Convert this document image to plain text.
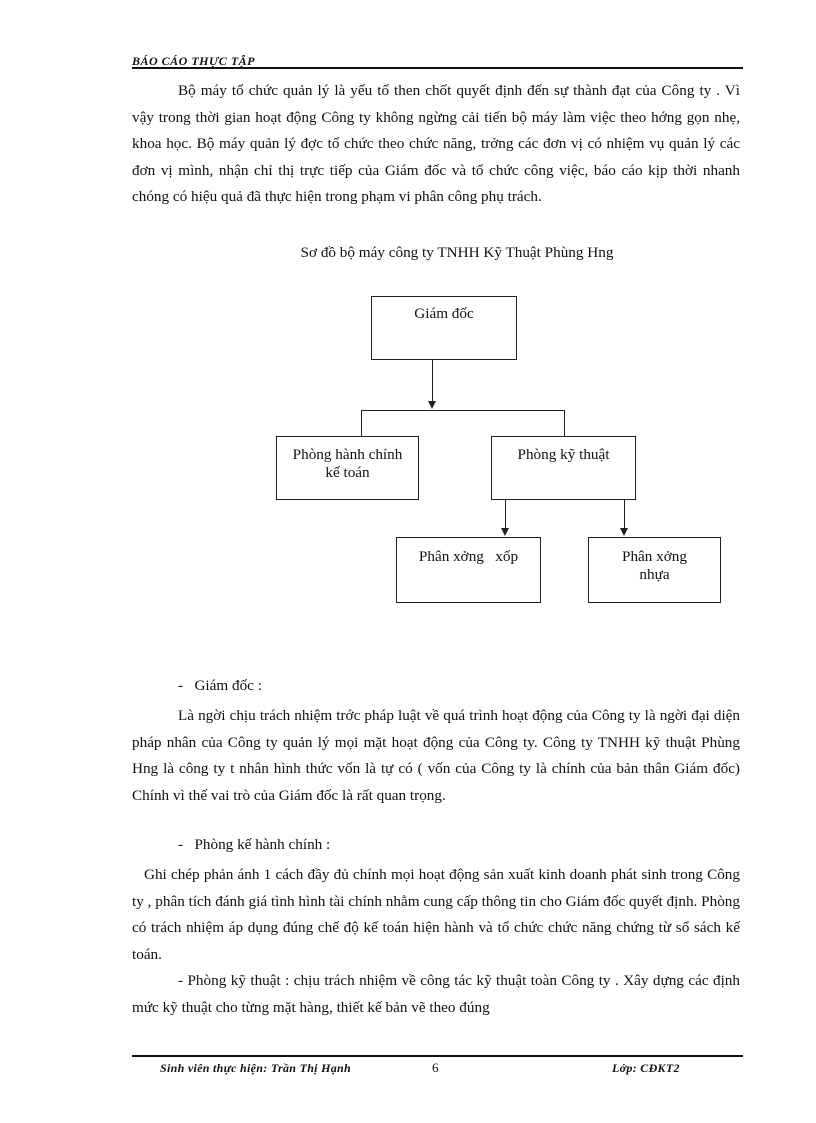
BÁO CÁO THỰC TẬP

Bộ máy tổ chức quản lý là yếu tố then chốt quyết định đến sự thành đạt của Công ty . Vì vậy trong thời gian hoạt động Công ty không ngừng cải tiến bộ máy làm việc theo hớng gọn nhẹ, khoa học. Bộ máy quản lý đợc tổ chức theo chức năng, trởng các đơn vị có nhiệm vụ quản lý các đơn vị mình, nhận chỉ thị trực tiếp của Giám đốc và tổ chức công việc, báo cáo kịp thời nhanh chóng có hiệu quả đã thực hiện trong phạm vi phân công phụ trách.

Sơ đồ bộ máy công ty TNHH Kỹ Thuật Phùng Hng
Giám đốc
Phòng hành chính kế toán
Phòng kỹ thuật
Phân xởng   xốp	Phân xởng nhựa
-   Giám đốc :

Là ngời chịu trách nhiệm trớc pháp luật về quá trình hoạt động của Công ty là ngời đại diện pháp nhân của Công ty quản lý mọi mặt hoạt động của Công ty. Công ty TNHH kỹ thuật Phùng Hng là công ty t nhân hình thức vốn là tự có ( vốn của Công ty là chính của bản thân Giám đốc) Chính vì thế vai trò của Giám đốc là rất quan trọng.

-   Phòng kế hành chính :

Ghi chép phản ánh 1 cách đầy đủ chính mọi hoạt động sản xuất kinh doanh phát sinh trong Công ty , phân tích đánh giá tình hình tài chính nhằm cung cấp thông tin cho Giám đốc quyết định. Phòng có trách nhiệm áp dụng đúng chế độ kế toán hiện hành và tổ chức chức năng chứng từ sổ sách kế toán.

- Phòng kỹ thuật : chịu trách nhiệm về công tác kỹ thuật toàn Công ty . Xây dựng các định mức kỹ thuật cho từng mặt hàng, thiết kế bản vẽ theo đúng

Sinh viên thực hiện: Trần Thị Hạnh	6	Lớp: CĐKT2
